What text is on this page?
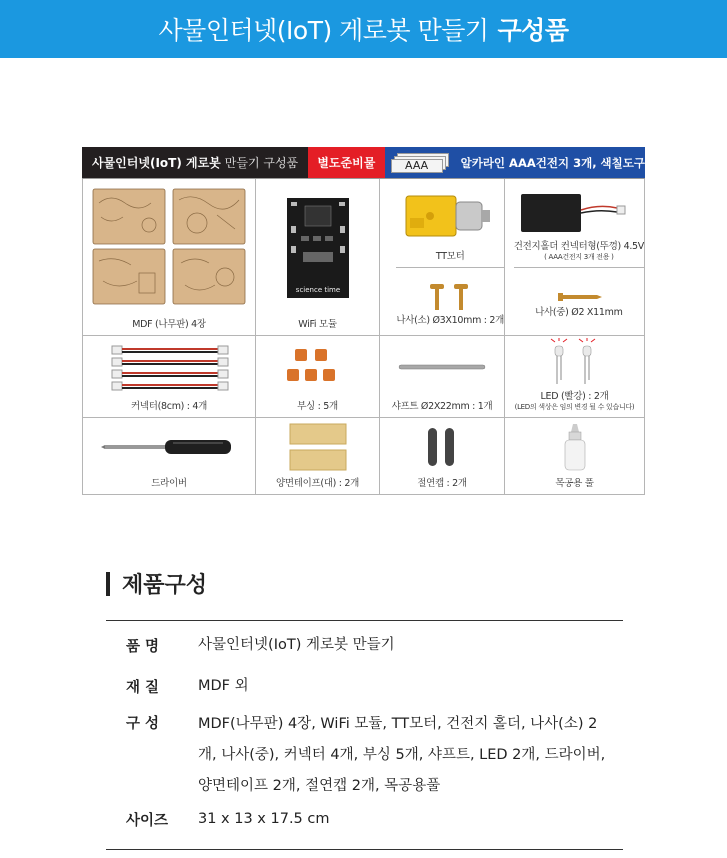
사물인터넷(IoT) 게로봇 만들기 구성품
사물인터넷(IoT) 게로봇 만들기 구성품	별도준비물	AAA	알카라인 AAA건전지 3개, 색칠도구
MDF (나무판) 4장
science time
WiFi 모듈
TT모터
나사(소) Ø3X10mm : 2개
건전지홀더 컨넥터형(뚜껑) 4.5V
( AAA건전지 3개 전용 )
나사(중) Ø2 X11mm
커넥터(8cm) : 4개	부싱 : 5개	샤프트 Ø2X22mm : 1개
LED (빨강) : 2개
(LED의 색상은 임의 변경 될 수 있습니다)
드라이버	양면테이프(대) : 2개	절연캡 : 2개	목공용 풀
제품구성
품 명	사물인터넷(IoT) 게로봇 만들기
재 질	MDF 외
구 성	MDF(나무판) 4장, WiFi 모듈, TT모터, 건전지 홀더, 나사(소) 2개, 나사(중), 커넥터 4개, 부싱 5개, 샤프트, LED 2개, 드라이버, 양면테이프 2개, 절연캡 2개, 목공용풀
사이즈	31 x 13 x 17.5 cm
